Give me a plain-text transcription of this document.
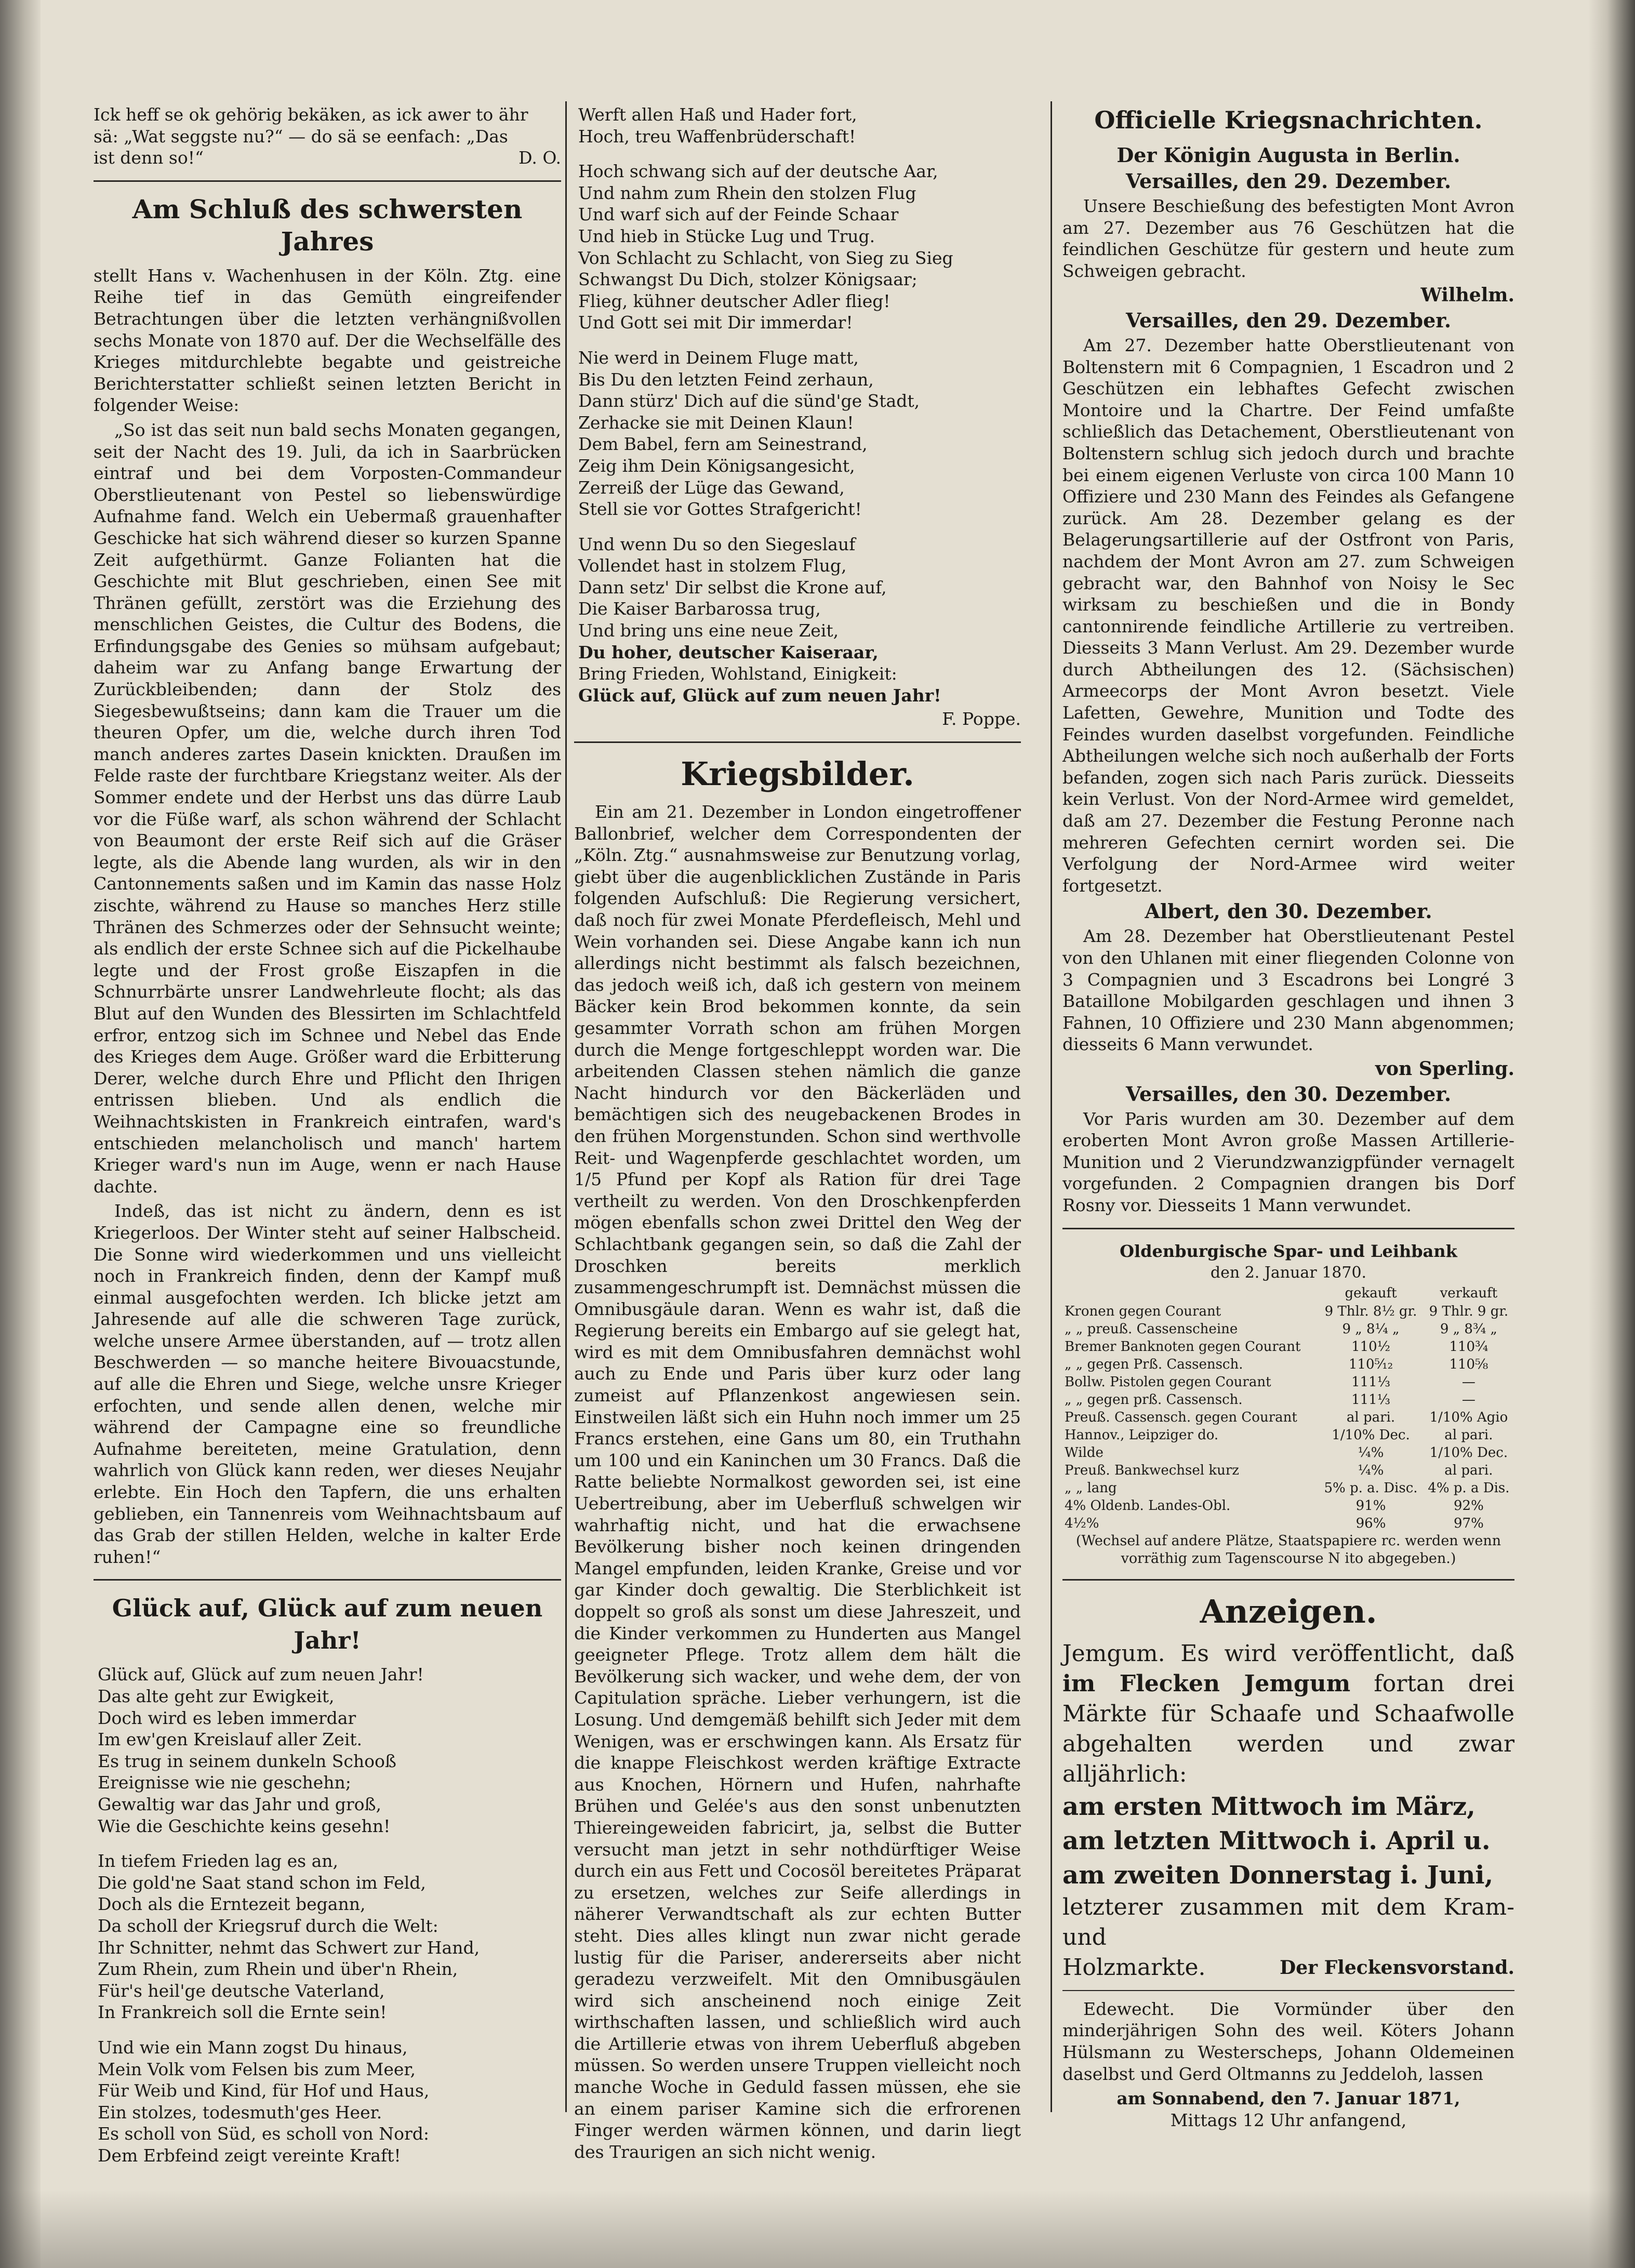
Ick heff se ok gehörig bekäken, as ick awer to ähr
sä: „Wat seggste nu?“ — do sä se eenfach: „Das
ist denn so!“	D. O.
Am Schluß des schwersten Jahres

stellt Hans v. Wachenhusen in der Köln. Ztg. eine Reihe tief in das Gemüth eingreifender Betrachtungen über die letzten verhängnißvollen sechs Monate von 1870 auf. Der die Wechselfälle des Krieges mitdurchlebte begabte und geistreiche Berichterstatter schließt seinen letzten Bericht in folgender Weise:

„So ist das seit nun bald sechs Monaten gegangen, seit der Nacht des 19. Juli, da ich in Saarbrücken eintraf und bei dem Vorposten-Commandeur Oberstlieutenant von Pestel so liebenswürdige Aufnahme fand. Welch ein Uebermaß grauenhafter Geschicke hat sich während dieser so kurzen Spanne Zeit aufgethürmt. Ganze Folianten hat die Geschichte mit Blut geschrieben, einen See mit Thränen gefüllt, zerstört was die Erziehung des menschlichen Geistes, die Cultur des Bodens, die Erfindungsgabe des Genies so mühsam aufgebaut; daheim war zu Anfang bange Erwartung der Zurückbleibenden; dann der Stolz des Siegesbewußtseins; dann kam die Trauer um die theuren Opfer, um die, welche durch ihren Tod manch anderes zartes Dasein knickten. Draußen im Felde raste der furchtbare Kriegstanz weiter. Als der Sommer endete und der Herbst uns das dürre Laub vor die Füße warf, als schon während der Schlacht von Beaumont der erste Reif sich auf die Gräser legte, als die Abende lang wurden, als wir in den Cantonnements saßen und im Kamin das nasse Holz zischte, während zu Hause so manches Herz stille Thränen des Schmerzes oder der Sehnsucht weinte; als endlich der erste Schnee sich auf die Pickelhaube legte und der Frost große Eiszapfen in die Schnurrbärte unsrer Landwehrleute flocht; als das Blut auf den Wunden des Blessirten im Schlachtfeld erfror, entzog sich im Schnee und Nebel das Ende des Krieges dem Auge. Größer ward die Erbitterung Derer, welche durch Ehre und Pflicht den Ihrigen entrissen blieben. Und als endlich die Weihnachtskisten in Frankreich eintrafen, ward's entschieden melancholisch und manch' hartem Krieger ward's nun im Auge, wenn er nach Hause dachte.

Indeß, das ist nicht zu ändern, denn es ist Kriegerloos. Der Winter steht auf seiner Halbscheid. Die Sonne wird wiederkommen und uns vielleicht noch in Frankreich finden, denn der Kampf muß einmal ausgefochten werden. Ich blicke jetzt am Jahresende auf alle die schweren Tage zurück, welche unsere Armee überstanden, auf — trotz allen Beschwerden — so manche heitere Bivouacstunde, auf alle die Ehren und Siege, welche unsre Krieger erfochten, und sende allen denen, welche mir während der Campagne eine so freundliche Aufnahme bereiteten, meine Gratulation, denn wahrlich von Glück kann reden, wer dieses Neujahr erlebte. Ein Hoch den Tapfern, die uns erhalten geblieben, ein Tannenreis vom Weihnachtsbaum auf das Grab der stillen Helden, welche in kalter Erde ruhen!“

Glück auf, Glück auf zum neuen Jahr!
Glück auf, Glück auf zum neuen Jahr!
Das alte geht zur Ewigkeit,
Doch wird es leben immerdar
Im ew'gen Kreislauf aller Zeit.
Es trug in seinem dunkeln Schooß
Ereignisse wie nie geschehn;
Gewaltig war das Jahr und groß,
Wie die Geschichte keins gesehn!
In tiefem Frieden lag es an,
Die gold'ne Saat stand schon im Feld,
Doch als die Erntezeit begann,
Da scholl der Kriegsruf durch die Welt:
Ihr Schnitter, nehmt das Schwert zur Hand,
Zum Rhein, zum Rhein und über'n Rhein,
Für's heil'ge deutsche Vaterland,
In Frankreich soll die Ernte sein!
Und wie ein Mann zogst Du hinaus,
Mein Volk vom Felsen bis zum Meer,
Für Weib und Kind, für Hof und Haus,
Ein stolzes, todesmuth'ges Heer.
Es scholl von Süd, es scholl von Nord:
Dem Erbfeind zeigt vereinte Kraft!
Werft allen Haß und Hader fort,
Hoch, treu Waffenbrüderschaft!
Hoch schwang sich auf der deutsche Aar,
Und nahm zum Rhein den stolzen Flug
Und warf sich auf der Feinde Schaar
Und hieb in Stücke Lug und Trug.
Von Schlacht zu Schlacht, von Sieg zu Sieg
Schwangst Du Dich, stolzer Königsaar;
Flieg, kühner deutscher Adler flieg!
Und Gott sei mit Dir immerdar!
Nie werd in Deinem Fluge matt,
Bis Du den letzten Feind zerhaun,
Dann stürz' Dich auf die sünd'ge Stadt,
Zerhacke sie mit Deinen Klaun!
Dem Babel, fern am Seinestrand,
Zeig ihm Dein Königsangesicht,
Zerreiß der Lüge das Gewand,
Stell sie vor Gottes Strafgericht!
Und wenn Du so den Siegeslauf
Vollendet hast in stolzem Flug,
Dann setz' Dir selbst die Krone auf,
Die Kaiser Barbarossa trug,
Und bring uns eine neue Zeit,
Du hoher, deutscher Kaiseraar,
Bring Frieden, Wohlstand, Einigkeit:
Glück auf, Glück auf zum neuen Jahr!
F. Poppe.
Kriegsbilder.

Ein am 21. Dezember in London eingetroffener Ballonbrief, welcher dem Correspondenten der „Köln. Ztg.“ ausnahmsweise zur Benutzung vorlag, giebt über die augenblicklichen Zustände in Paris folgenden Aufschluß: Die Regierung versichert, daß noch für zwei Monate Pferdefleisch, Mehl und Wein vorhanden sei. Diese Angabe kann ich nun allerdings nicht bestimmt als falsch bezeichnen, das jedoch weiß ich, daß ich gestern von meinem Bäcker kein Brod bekommen konnte, da sein gesammter Vorrath schon am frühen Morgen durch die Menge fortgeschleppt worden war. Die arbeitenden Classen stehen nämlich die ganze Nacht hindurch vor den Bäckerläden und bemächtigen sich des neugebackenen Brodes in den frühen Morgenstunden. Schon sind werthvolle Reit- und Wagenpferde geschlachtet worden, um 1/5 Pfund per Kopf als Ration für drei Tage vertheilt zu werden. Von den Droschkenpferden mögen ebenfalls schon zwei Drittel den Weg der Schlachtbank gegangen sein, so daß die Zahl der Droschken bereits merklich zusammengeschrumpft ist. Demnächst müssen die Omnibusgäule daran. Wenn es wahr ist, daß die Regierung bereits ein Embargo auf sie gelegt hat, wird es mit dem Omnibusfahren demnächst wohl auch zu Ende und Paris über kurz oder lang zumeist auf Pflanzenkost angewiesen sein. Einstweilen läßt sich ein Huhn noch immer um 25 Francs erstehen, eine Gans um 80, ein Truthahn um 100 und ein Kaninchen um 30 Francs. Daß die Ratte beliebte Normalkost geworden sei, ist eine Uebertreibung, aber im Ueberfluß schwelgen wir wahrhaftig nicht, und hat die erwachsene Bevölkerung bisher noch keinen dringenden Mangel empfunden, leiden Kranke, Greise und vor gar Kinder doch gewaltig. Die Sterblichkeit ist doppelt so groß als sonst um diese Jahreszeit, und die Kinder verkommen zu Hunderten aus Mangel geeigneter Pflege. Trotz allem dem hält die Bevölkerung sich wacker, und wehe dem, der von Capitulation spräche. Lieber verhungern, ist die Losung. Und demgemäß behilft sich Jeder mit dem Wenigen, was er erschwingen kann. Als Ersatz für die knappe Fleischkost werden kräftige Extracte aus Knochen, Hörnern und Hufen, nahrhafte Brühen und Gelée's aus den sonst unbenutzten Thiereingeweiden fabricirt, ja, selbst die Butter versucht man jetzt in sehr nothdürftiger Weise durch ein aus Fett und Cocosöl bereitetes Präparat zu ersetzen, welches zur Seife allerdings in näherer Verwandtschaft als zur echten Butter steht. Dies alles klingt nun zwar nicht gerade lustig für die Pariser, andererseits aber nicht geradezu verzweifelt. Mit den Omnibusgäulen wird sich anscheinend noch einige Zeit wirthschaften lassen, und schließlich wird auch die Artillerie etwas von ihrem Ueberfluß abgeben müssen. So werden unsere Truppen vielleicht noch manche Woche in Geduld fassen müssen, ehe sie an einem pariser Kamine sich die erfrorenen Finger werden wärmen können, und darin liegt des Traurigen an sich nicht wenig.

Officielle Kriegsnachrichten.
Der Königin Augusta in Berlin.
Versailles, den 29. Dezember.

Unsere Beschießung des befestigten Mont Avron am 27. Dezember aus 76 Geschützen hat die feindlichen Geschütze für gestern und heute zum Schweigen gebracht.

Wilhelm.
Versailles, den 29. Dezember.

Am 27. Dezember hatte Oberstlieutenant von Boltenstern mit 6 Compagnien, 1 Escadron und 2 Geschützen ein lebhaftes Gefecht zwischen Montoire und la Chartre. Der Feind umfaßte schließlich das Detachement, Oberstlieutenant von Boltenstern schlug sich jedoch durch und brachte bei einem eigenen Verluste von circa 100 Mann 10 Offiziere und 230 Mann des Feindes als Gefangene zurück. Am 28. Dezember gelang es der Belagerungsartillerie auf der Ostfront von Paris, nachdem der Mont Avron am 27. zum Schweigen gebracht war, den Bahnhof von Noisy le Sec wirksam zu beschießen und die in Bondy cantonnirende feindliche Artillerie zu vertreiben. Diesseits 3 Mann Verlust. Am 29. Dezember wurde durch Abtheilungen des 12. (Sächsischen) Armeecorps der Mont Avron besetzt. Viele Lafetten, Gewehre, Munition und Todte des Feindes wurden daselbst vorgefunden. Feindliche Abtheilungen welche sich noch außerhalb der Forts befanden, zogen sich nach Paris zurück. Diesseits kein Verlust. Von der Nord-Armee wird gemeldet, daß am 27. Dezember die Festung Peronne nach mehreren Gefechten cernirt worden sei. Die Verfolgung der Nord-Armee wird weiter fortgesetzt.

Albert, den 30. Dezember.

Am 28. Dezember hat Oberstlieutenant Pestel von den Uhlanen mit einer fliegenden Colonne von 3 Compagnien und 3 Escadrons bei Longré 3 Bataillone Mobilgarden geschlagen und ihnen 3 Fahnen, 10 Offiziere und 230 Mann abgenommen; diesseits 6 Mann verwundet.

von Sperling.
Versailles, den 30. Dezember.

Vor Paris wurden am 30. Dezember auf dem eroberten Mont Avron große Massen Artillerie-Munition und 2 Vierundzwanzigpfünder vernagelt vorgefunden. 2 Compagnien drangen bis Dorf Rosny vor. Diesseits 1 Mann verwundet.

Oldenburgische Spar- und Leihbank
den 2. Januar 1870.
	gekauft	verkauft
Kronen gegen Courant	9 Thlr. 8½ gr.	9 Thlr. 9 gr.
„ „ preuß. Cassenscheine	9 „ 8¼ „	9 „ 8¾ „
Bremer Banknoten gegen Courant	110½	110¾
„ „ gegen Prß. Cassensch.	110⁵⁄₁₂	110⅝
Bollw. Pistolen gegen Courant	111⅓	—
„ „ gegen prß. Cassensch.	111⅓	—
Preuß. Cassensch. gegen Courant	al pari.	1/10% Agio
Hannov., Leipziger do.	1/10% Dec.	al pari.
Wilde	¼%	1/10% Dec.
Preuß. Bankwechsel kurz	¼%	al pari.
„ „ lang	5% p. a. Disc.	4% p. a Dis.
4% Oldenb. Landes-Obl.	91%	92%
4½%	96%	97%
(Wechsel auf andere Plätze, Staatspapiere rc. werden wenn vorräthig zum Tagenscourse N ito abgegeben.)
Anzeigen.
Jemgum. Es wird veröffentlicht, daß im Flecken Jemgum fortan drei Märkte für Schaafe und Schaafwolle abgehalten werden und zwar alljährlich:
am ersten Mittwoch im März,
am letzten Mittwoch i. April u.
am zweiten Donnerstag i. Juni,
letzterer zusammen mit dem Kram- und
Holzmarkte.	Der Fleckensvorstand.

Edewecht. Die Vormünder über den minderjährigen Sohn des weil. Köters Johann Hülsmann zu Westerscheps, Johann Oldemeinen daselbst und Gerd Oltmanns zu Jeddeloh, lassen

am Sonnabend, den 7. Januar 1871,
Mittags 12 Uhr anfangend,
